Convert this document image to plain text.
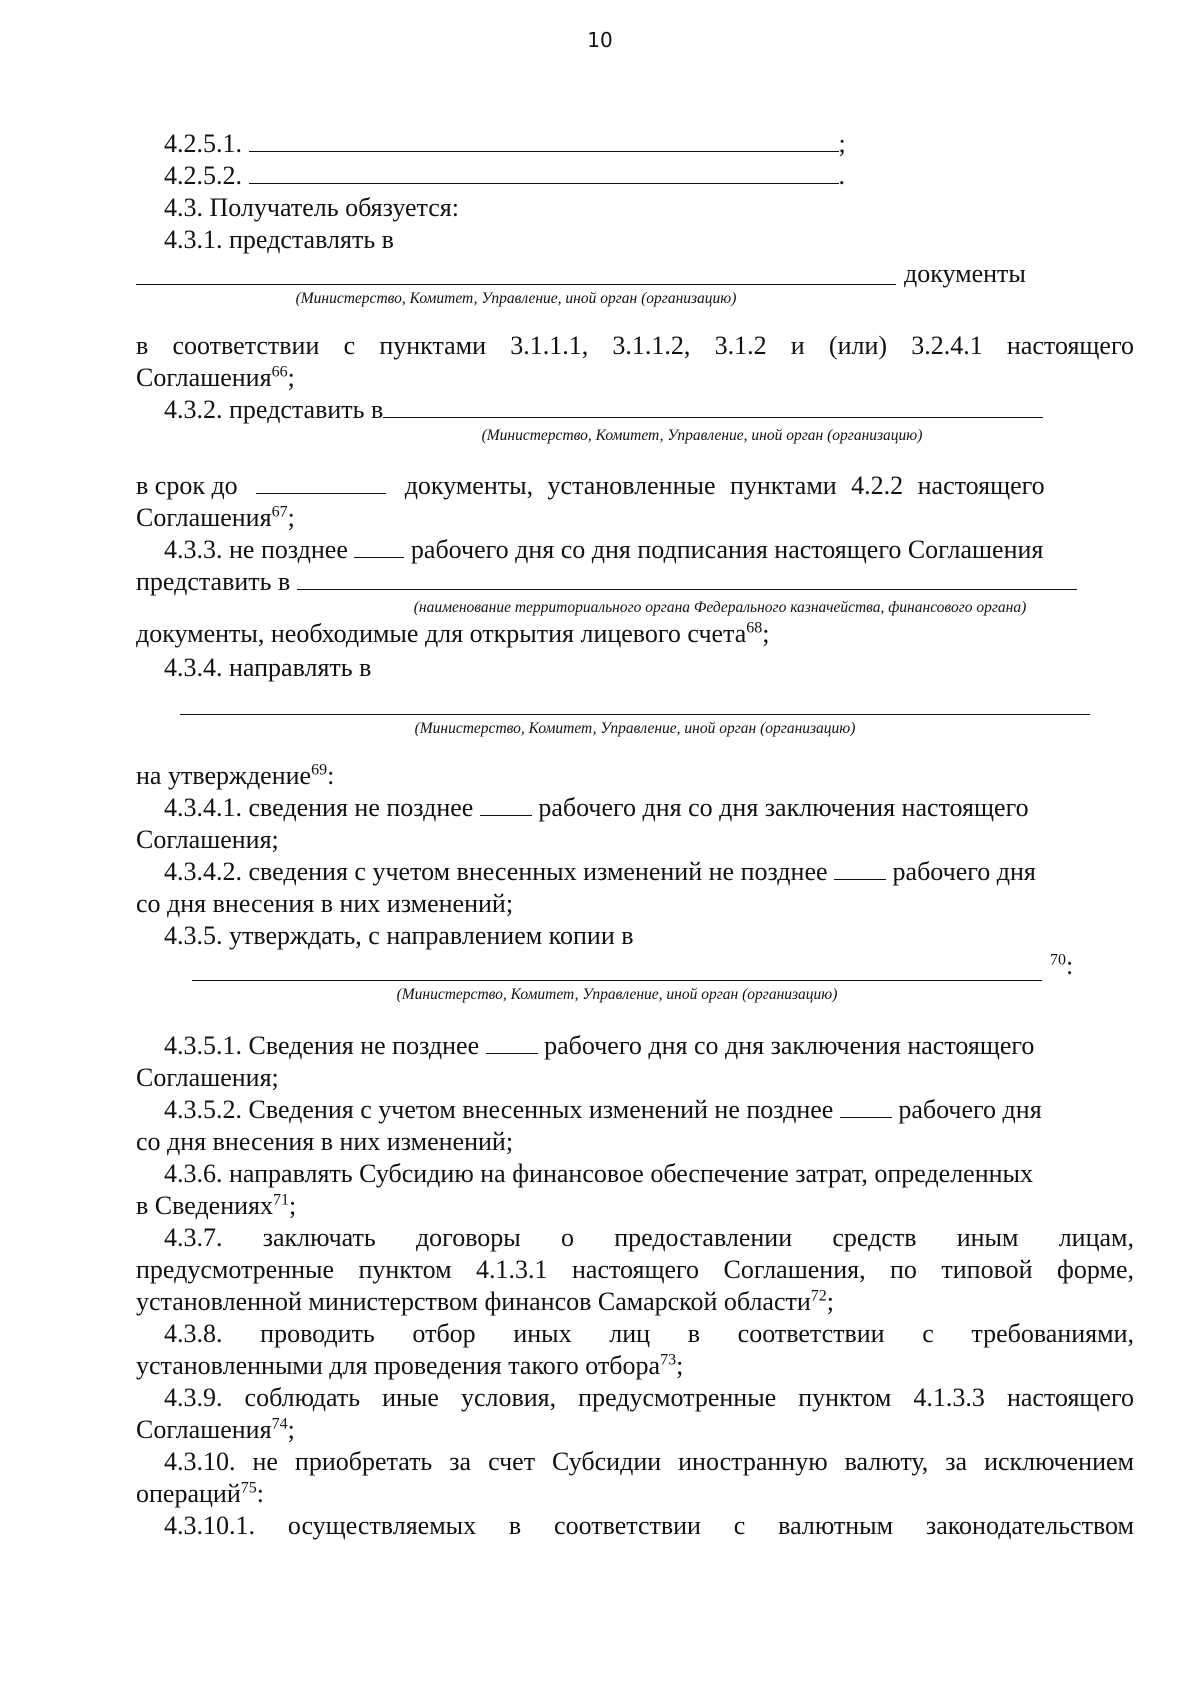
10
4.2.5.1.	;
4.2.5.2.	.
4.3. Получатель обязуется:
4.3.1. представлять в
документы
(Министерство, Комитет, Управление, иной орган (организацию)
в соответствии с пунктами 3.1.1.1, 3.1.1.2, 3.1.2 и (или) 3.2.4.1 настоящего
Соглашения$^{66}$;
4.3.2. представить в
(Министерство, Комитет, Управление, иной орган (организацию)
в срок до	документы, установленные пунктами 4.2.2 настоящего
Соглашения$^{67}$;
4.3.3. не позднее рабочего дня со дня подписания настоящего Соглашения
представить в
(наименование территориального органа Федерального казначейства, финансового органа)
документы, необходимые для открытия лицевого счета$^{68}$;
4.3.4. направлять в
(Министерство, Комитет, Управление, иной орган (организацию)
на утверждение$^{69}$:
4.3.4.1. сведения не позднее	рабочего дня со дня заключения настоящего
Соглашения;
4.3.4.2. сведения с учетом внесенных изменений не позднее	рабочего дня
со дня внесения в них изменений;
4.3.5. утверждать, с направлением копии в
$^{70}$:
(Министерство, Комитет, Управление, иной орган (организацию)
4.3.5.1. Сведения не позднее	рабочего дня со дня заключения настоящего
Соглашения;
4.3.5.2. Сведения с учетом внесенных изменений не позднее	рабочего дня
со дня внесения в них изменений;
4.3.6. направлять Субсидию на финансовое обеспечение затрат, определенных
в Сведениях$^{71}$;
4.3.7. заключать договоры о предоставлении средств иным лицам,
предусмотренные пунктом 4.1.3.1 настоящего Соглашения, по типовой форме,
установленной министерством финансов Самарской области$^{72}$;
4.3.8. проводить отбор иных лиц в соответствии с требованиями,
установленными для проведения такого отбора$^{73}$;
4.3.9. соблюдать иные условия, предусмотренные пунктом 4.1.3.3 настоящего
Соглашения$^{74}$;
4.3.10. не приобретать за счет Субсидии иностранную валюту, за исключением
операций$^{75}$:
4.3.10.1. осуществляемых в соответствии с валютным законодательством
